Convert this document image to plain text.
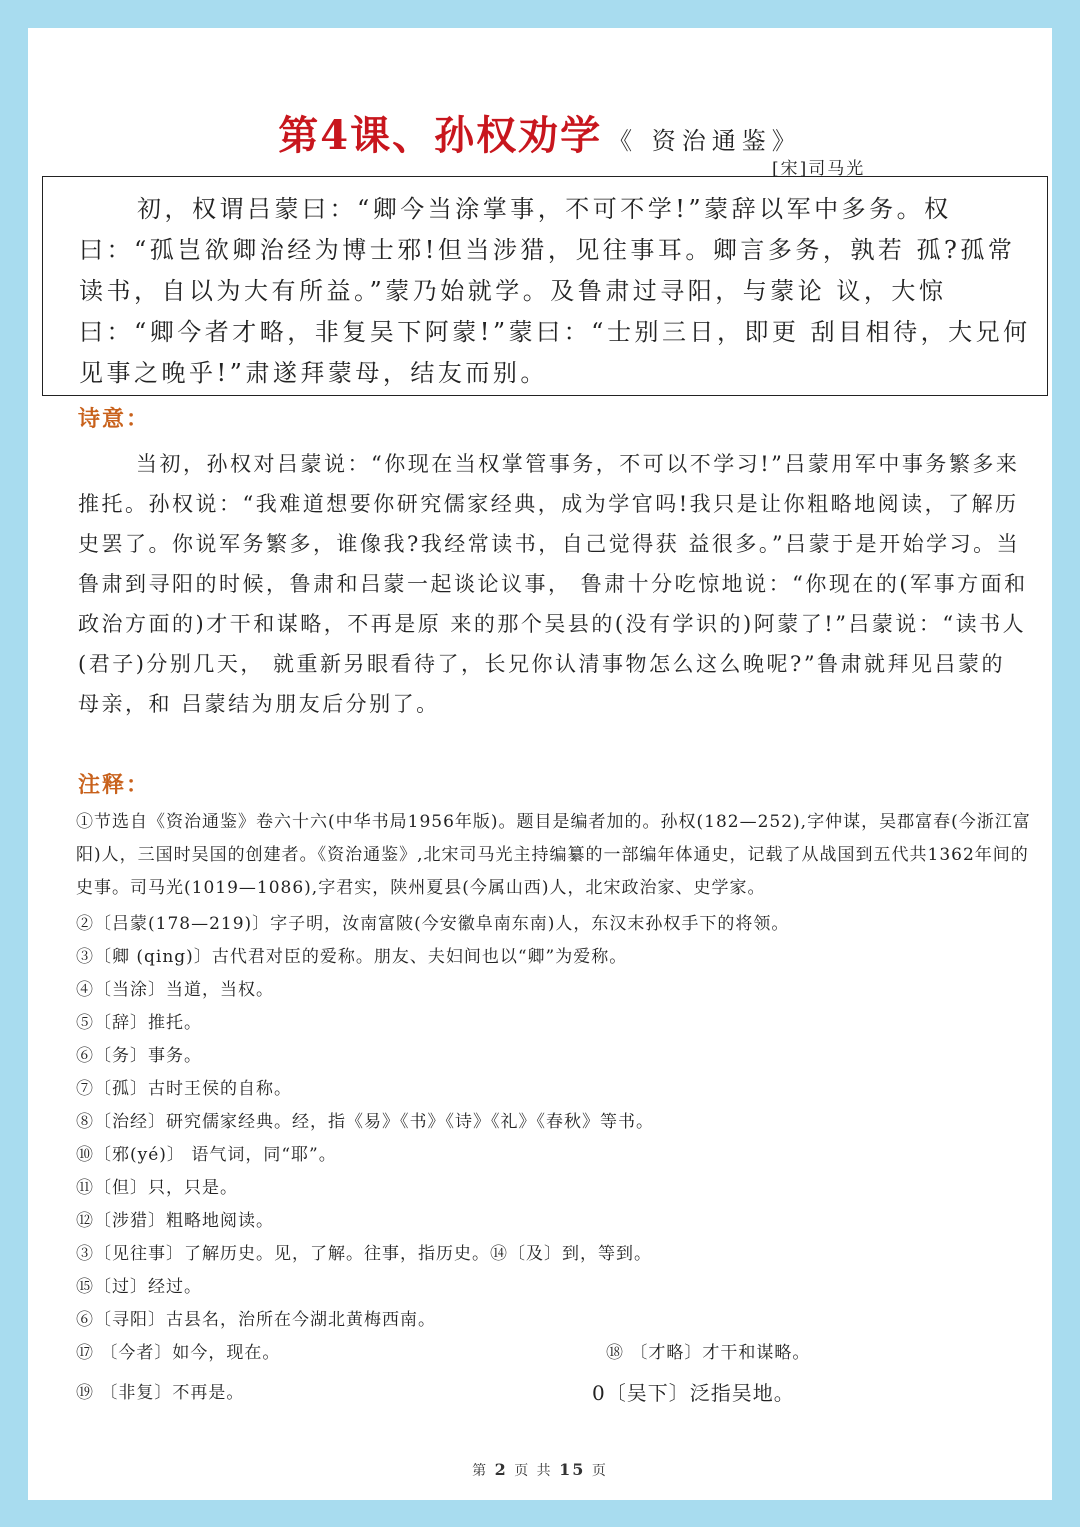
第4课、孙权劝学 《 资治通鉴》
[宋]司马光

初，权谓吕蒙曰：“卿今当涂掌事，不可不学!”蒙辞以军中多务。权曰：“孤岂欲卿治经为博士邪!但当涉猎，见往事耳。卿言多务，孰若 孤?孤常读书，自以为大有所益。”蒙乃始就学。及鲁肃过寻阳，与蒙论 议，大惊曰：“卿今者才略，非复吴下阿蒙!”蒙曰：“士别三日，即更 刮目相待，大兄何见事之晚乎!”肃遂拜蒙母，结友而别。

诗意：

当初，孙权对吕蒙说：“你现在当权掌管事务，不可以不学习!”吕蒙用军中事务繁多来推托。孙权说：“我难道想要你研究儒家经典，成为学官吗!我只是让你粗略地阅读，了解历史罢了。你说军务繁多，谁像我?我经常读书，自己觉得获 益很多。”吕蒙于是开始学习。当鲁肃到寻阳的时候，鲁肃和吕蒙一起谈论议事， 鲁肃十分吃惊地说：“你现在的(军事方面和政治方面的)才干和谋略，不再是原 来的那个吴县的(没有学识的)阿蒙了!”吕蒙说：“读书人(君子)分别几天， 就重新另眼看待了，长兄你认清事物怎么这么晚呢?”鲁肃就拜见吕蒙的母亲，和 吕蒙结为朋友后分别了。

注释：
①节选自《资治通鉴》卷六十六(中华书局1956年版)。题目是编者加的。孙权(182—252),字仲谋，吴郡富春(今浙江富阳)人，三国时吴国的创建者。《资治通鉴》,北宋司马光主持编纂的一部编年体通史，记载了从战国到五代共1362年间的史事。司马光(1019—1086),字君实，陕州夏县(今属山西)人，北宋政治家、史学家。
②〔吕蒙(178—219)〕字子明，汝南富陂(今安徽阜南东南)人，东汉末孙权手下的将领。
③〔卿 (qing)〕古代君对臣的爱称。朋友、夫妇间也以“卿”为爱称。
④〔当涂〕当道，当权。
⑤〔辞〕推托。
⑥〔务〕事务。
⑦〔孤〕古时王侯的自称。
⑧〔治经〕研究儒家经典。经，指《易》《书》《诗》《礼》《春秋》等书。
⑩〔邪(yé)〕 语气词，同“耶”。
⑪〔但〕只，只是。
⑫〔涉猎〕粗略地阅读。
③〔见往事〕了解历史。见，了解。往事，指历史。⑭〔及〕到，等到。
⑮〔过〕经过。
⑥〔寻阳〕古县名，治所在今湖北黄梅西南。
⑰ 〔今者〕如今，现在。	⑱ 〔才略〕才干和谋略。
⑲ 〔非复〕不再是。	0〔吴下〕泛指吴地。
第 2 页 共 15 页
